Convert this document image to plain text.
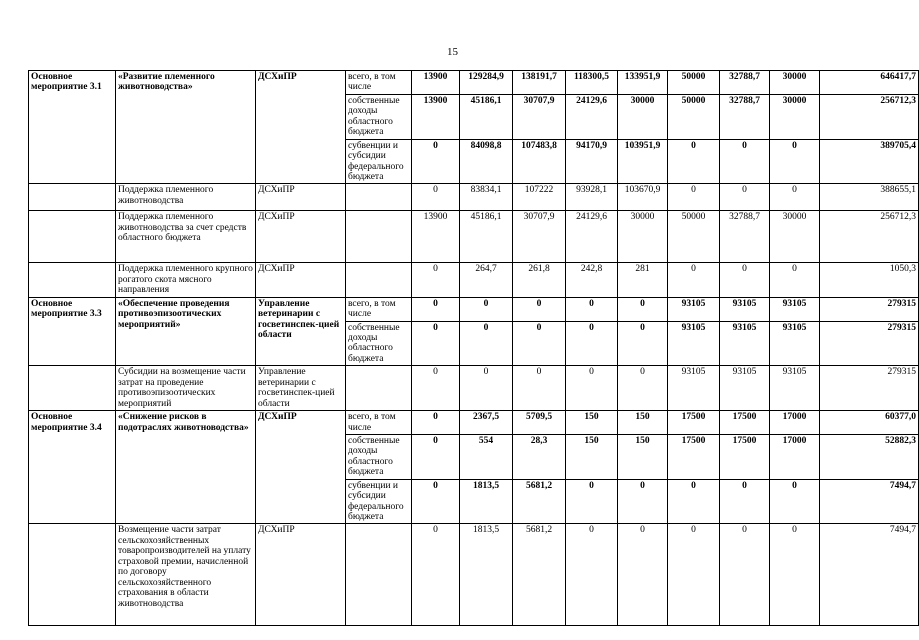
15
Основное мероприятие 3.1	«Развитие племенного животноводства»	ДСХиПР	всего, в том числе	13900	129284,9	138191,7	118300,5	133951,9	50000	32788,7	30000	646417,7
			собственные доходы областного бюджета	13900	45186,1	30707,9	24129,6	30000	50000	32788,7	30000	256712,3
			субвенции и субсидии федерального бюджета	0	84098,8	107483,8	94170,9	103951,9	0	0	0	389705,4
	Поддержка племенного животноводства	ДСХиПР		0	83834,1	107222	93928,1	103670,9	0	0	0	388655,1
	Поддержка племенного животноводства за счет средств областного бюджета	ДСХиПР		13900	45186,1	30707,9	24129,6	30000	50000	32788,7	30000	256712,3
	Поддержка племенного крупного рогатого скота мясного направления	ДСХиПР		0	264,7	261,8	242,8	281	0	0	0	1050,3
Основное мероприятие 3.3	«Обеспечение проведения противоэпизоотических мероприятий»	Управление ветеринарии с госветинспек-цией области	всего, в том числе	0	0	0	0	0	93105	93105	93105	279315
			собственные доходы областного бюджета	0	0	0	0	0	93105	93105	93105	279315
	Субсидии на возмещение части затрат на проведение противоэпизоотических мероприятий	Управление ветеринарии с госветинспек-цией области		0	0	0	0	0	93105	93105	93105	279315
Основное мероприятие 3.4	«Снижение рисков в подотраслях животноводства»	ДСХиПР	всего, в том числе	0	2367,5	5709,5	150	150	17500	17500	17000	60377,0
			собственные доходы областного бюджета	0	554	28,3	150	150	17500	17500	17000	52882,3
			субвенции и субсидии федерального бюджета	0	1813,5	5681,2	0	0	0	0	0	7494,7
	Возмещение части затрат сельскохозяйственных товаропроизводителей на уплату страховой премии, начисленной по договору сельскохозяйственного страхования в области животноводства	ДСХиПР		0	1813,5	5681,2	0	0	0	0	0	7494,7
